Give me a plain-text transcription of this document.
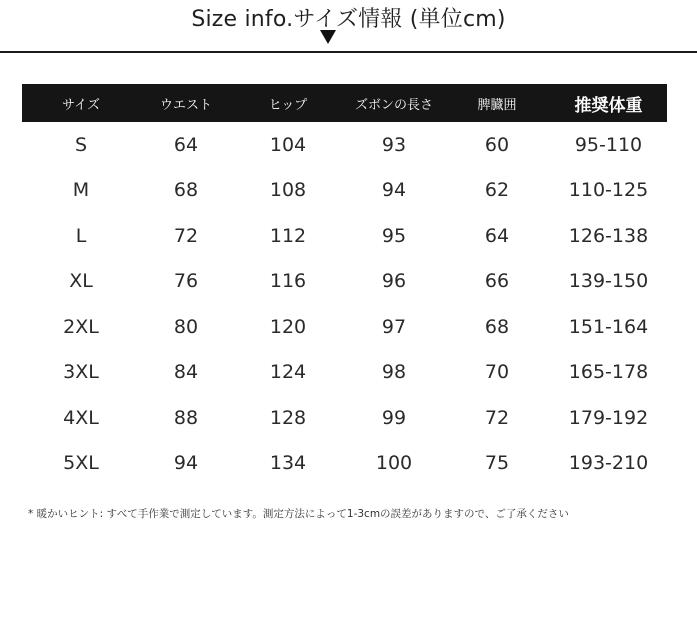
Size info.サイズ情報 (単位cm)
サイズ	ウエスト	ヒップ	ズボンの長さ	脾臓囲	推奨体重
S	64	104	93	60	95-110
M	68	108	94	62	110-125
L	72	112	95	64	126-138
XL	76	116	96	66	139-150
2XL	80	120	97	68	151-164
3XL	84	124	98	70	165-178
4XL	88	128	99	72	179-192
5XL	94	134	100	75	193-210
* 暖かいヒント: すべて手作業で測定しています。測定方法によって1-3cmの誤差がありますので、ご了承ください
